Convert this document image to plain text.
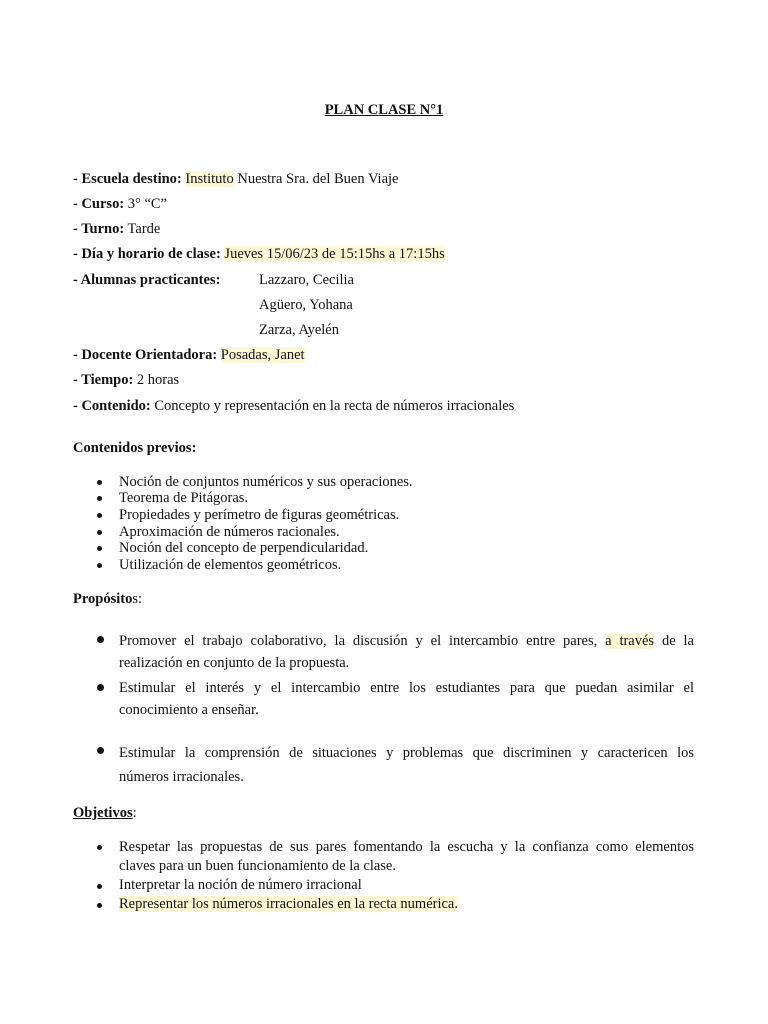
PLAN CLASE N°1
- Escuela destino: Instituto Nuestra Sra. del Buen Viaje
- Curso: 3° “C”
- Turno: Tarde
- Día y horario de clase: Jueves 15/06/23 de 15:15hs a 17:15hs
- Alumnas practicantes:	Lazzaro, Cecilia
Agüero, Yohana
Zarza, Ayelén
- Docente Orientadora: Posadas, Janet
- Tiempo: 2 horas
- Contenido: Concepto y representación en la recta de números irracionales
Contenidos previos:
Noción de conjuntos numéricos y sus operaciones.
Teorema de Pitágoras.
Propiedades y perímetro de figuras geométricas.
Aproximación de números racionales.
Noción del concepto de perpendicularidad.
Utilización de elementos geométricos.
Propósitos:
Promover el trabajo colaborativo, la discusión y el intercambio entre pares, a través de la
realización en conjunto de la propuesta.
Estimular el interés y el intercambio entre los estudiantes para que puedan asimilar el
conocimiento a enseñar.
Estimular la comprensión de situaciones y problemas que discriminen y caractericen los
números irracionales.
Objetivos:
Respetar las propuestas de sus pares fomentando la escucha y la confianza como elementos
claves para un buen funcionamiento de la clase.
Interpretar la noción de número irracional
Representar los números irracionales en la recta numérica.
